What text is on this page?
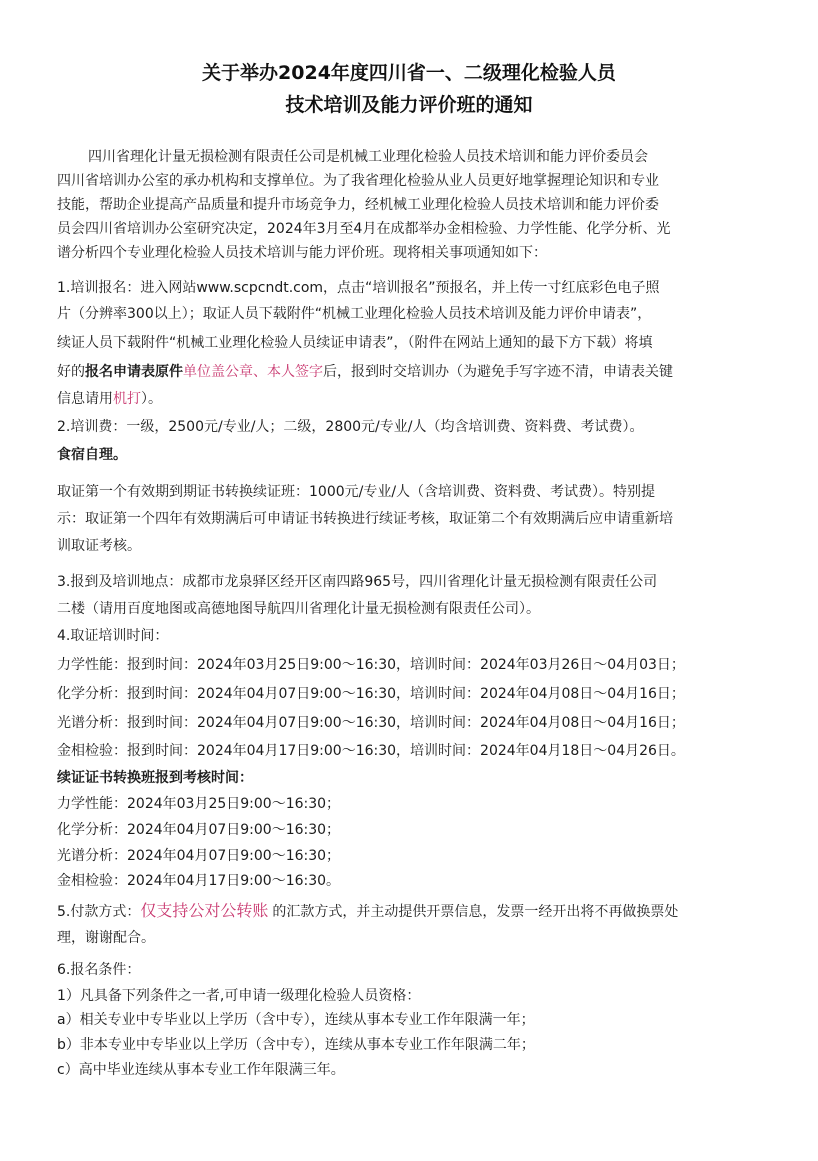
关于举办2024年度四川省一、二级理化检验人员
技术培训及能力评价班的通知
四川省理化计量无损检测有限责任公司是机械工业理化检验人员技术培训和能力评价委员会
四川省培训办公室的承办机构和支撑单位。为了我省理化检验从业人员更好地掌握理论知识和专业
技能，帮助企业提高产品质量和提升市场竞争力，经机械工业理化检验人员技术培训和能力评价委
员会四川省培训办公室研究决定，2024年3月至4月在成都举办金相检验、力学性能、化学分析、光
谱分析四个专业理化检验人员技术培训与能力评价班。现将相关事项通知如下：
1.培训报名：进入网站www.scpcndt.com，点击“培训报名”预报名，并上传一寸红底彩色电子照
片（分辨率300以上）；取证人员下载附件“机械工业理化检验人员技术培训及能力评价申请表”，
续证人员下载附件“机械工业理化检验人员续证申请表”，（附件在网站上通知的最下方下载）将填
好的报名申请表原件单位盖公章、本人签字后，报到时交培训办（为避免手写字迹不清，申请表关键
信息请用机打）。
2.培训费：一级，2500元/专业/人；二级，2800元/专业/人（均含培训费、资料费、考试费）。
食宿自理。
取证第一个有效期到期证书转换续证班：1000元/专业/人（含培训费、资料费、考试费）。特别提
示：取证第一个四年有效期满后可申请证书转换进行续证考核，取证第二个有效期满后应申请重新培
训取证考核。
3.报到及培训地点：成都市龙泉驿区经开区南四路965号，四川省理化计量无损检测有限责任公司
二楼（请用百度地图或高德地图导航四川省理化计量无损检测有限责任公司）。
4.取证培训时间：
力学性能：报到时间：2024年03月25日9:00～16:30，培训时间：2024年03月26日～04月03日；
化学分析：报到时间：2024年04月07日9:00～16:30，培训时间：2024年04月08日～04月16日；
光谱分析：报到时间：2024年04月07日9:00～16:30，培训时间：2024年04月08日～04月16日；
金相检验：报到时间：2024年04月17日9:00～16:30，培训时间：2024年04月18日～04月26日。
续证证书转换班报到考核时间：
力学性能：2024年03月25日9:00～16:30；
化学分析：2024年04月07日9:00～16:30；
光谱分析：2024年04月07日9:00～16:30；
金相检验：2024年04月17日9:00～16:30。
5.付款方式：仅支持公对公转账 的汇款方式，并主动提供开票信息，发票一经开出将不再做换票处
理，谢谢配合。
6.报名条件：
1）凡具备下列条件之一者,可申请一级理化检验人员资格：
a）相关专业中专毕业以上学历（含中专），连续从事本专业工作年限满一年；
b）非本专业中专毕业以上学历（含中专），连续从事本专业工作年限满二年；
c）高中毕业连续从事本专业工作年限满三年。
